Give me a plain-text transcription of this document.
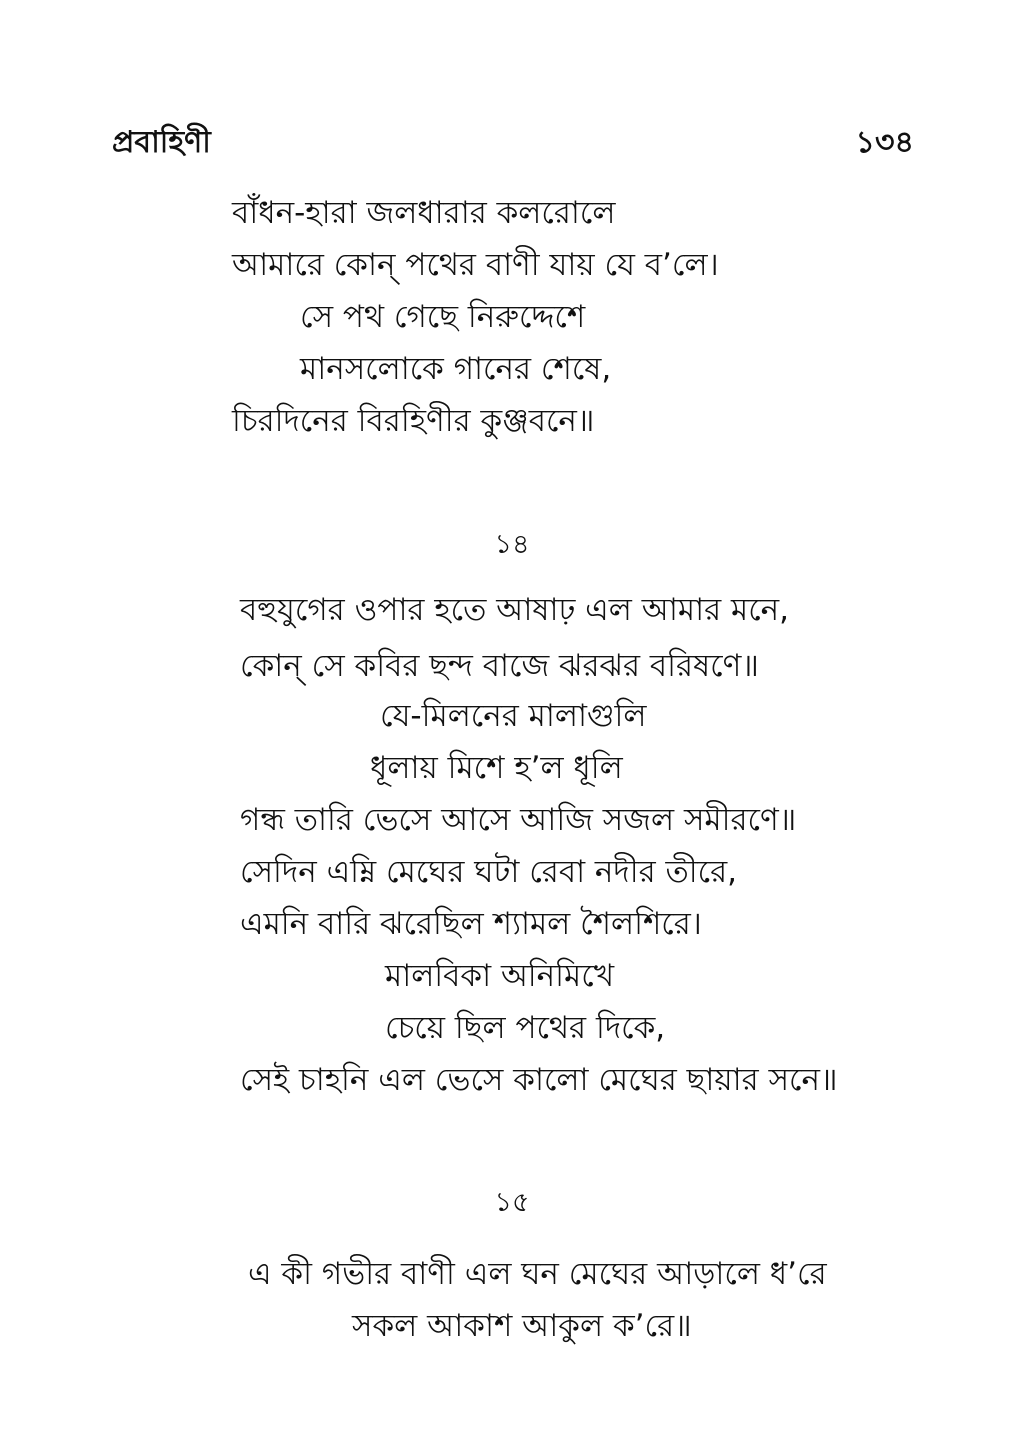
প্রবাহিণী	১৩৪
বাঁধন-হারা জলধারার কলরোলে
আমারে কোন্ পথের বাণী যায় যে ব’লে।
সে পথ গেছে নিরুদ্দেশে
মানসলোকে গানের শেষে,
চিরদিনের বিরহিণীর কুঞ্জবনে॥
১৪
বহুযুগের ওপার হতে আষাঢ় এল আমার মনে,
কোন্ সে কবির ছন্দ বাজে ঝরঝর বরিষণে॥
যে-মিলনের মালাগুলি
ধূলায় মিশে হ’ল ধূলি
গন্ধ তারি ভেসে আসে আজি সজল সমীরণে॥
সেদিন এম্নি মেঘের ঘটা রেবা নদীর তীরে,
এমনি বারি ঝরেছিল শ্যামল শৈলশিরে।
মালবিকা অনিমিখে
চেয়ে ছিল পথের দিকে,
সেই চাহনি এল ভেসে কালো মেঘের ছায়ার সনে॥
১৫
এ কী গভীর বাণী এল ঘন মেঘের আড়ালে ধ’রে
সকল আকাশ আকুল ক’রে॥
